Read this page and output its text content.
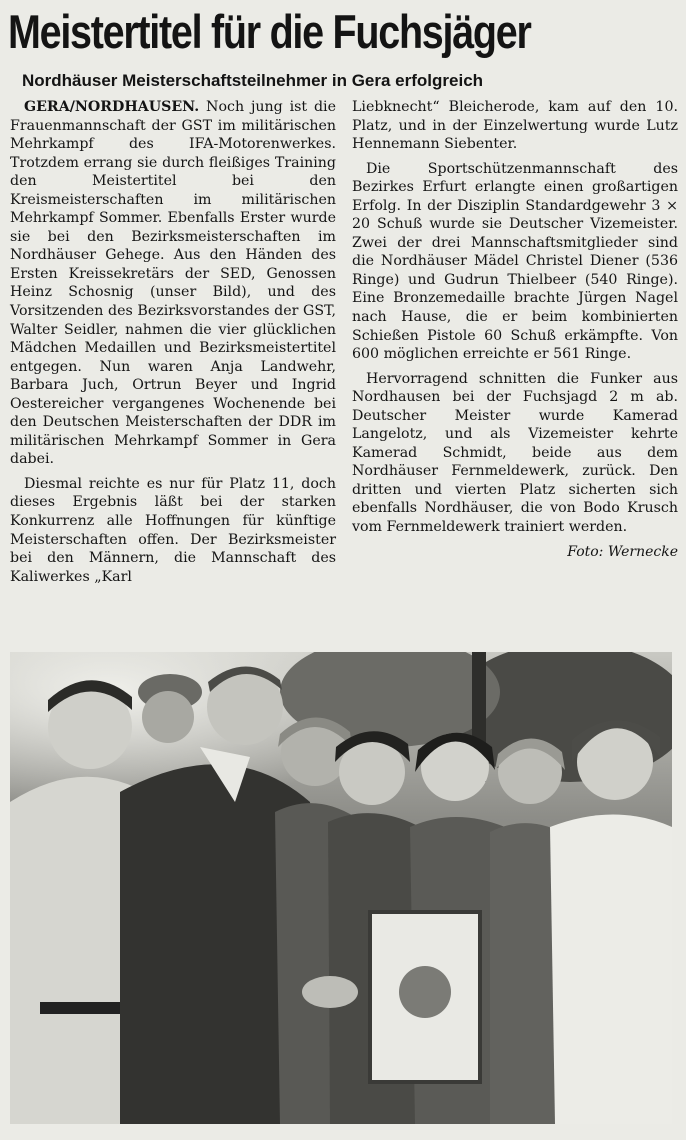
Meistertitel für die Fuchsjäger
Nordhäuser Meisterschaftsteilnehmer in Gera erfolgreich

GERA/NORDHAUSEN. Noch jung ist die Frauenmannschaft der GST im militärischen Mehrkampf des IFA-Motorenwerkes. Trotzdem errang sie durch fleißiges Training den Meistertitel bei den Kreismeisterschaften im militärischen Mehrkampf Sommer. Ebenfalls Erster wurde sie bei den Bezirksmeisterschaften im Nordhäuser Gehege. Aus den Händen des Ersten Kreissekretärs der SED, Genossen Heinz Schosnig (unser Bild), und des Vorsitzenden des Bezirksvorstandes der GST, Walter Seidler, nahmen die vier glücklichen Mädchen Medaillen und Bezirksmeistertitel entgegen. Nun waren Anja Landwehr, Barbara Juch, Ortrun Beyer und Ingrid Oestereicher vergangenes Wochenende bei den Deutschen Meisterschaften der DDR im militärischen Mehrkampf Sommer in Gera dabei.

Diesmal reichte es nur für Platz 11, doch dieses Ergebnis läßt bei der starken Konkurrenz alle Hoffnungen für künftige Meisterschaften offen. Der Bezirksmeister bei den Männern, die Mannschaft des Kaliwerkes „Karl

Liebknecht“ Bleicherode, kam auf den 10. Platz, und in der Einzelwertung wurde Lutz Hennemann Siebenter.

Die Sportschützenmannschaft des Bezirkes Erfurt erlangte einen großartigen Erfolg. In der Disziplin Standardgewehr 3 × 20 Schuß wurde sie Deutscher Vizemeister. Zwei der drei Mannschaftsmitglieder sind die Nordhäuser Mädel Christel Diener (536 Ringe) und Gudrun Thielbeer (540 Ringe). Eine Bronzemedaille brachte Jürgen Nagel nach Hause, die er beim kombinierten Schießen Pistole 60 Schuß erkämpfte. Von 600 möglichen erreichte er 561 Ringe.

Hervorragend schnitten die Funker aus Nordhausen bei der Fuchsjagd 2 m ab. Deutscher Meister wurde Kamerad Langelotz, und als Vizemeister kehrte Kamerad Schmidt, beide aus dem Nordhäuser Fernmeldewerk, zurück. Den dritten und vierten Platz sicherten sich ebenfalls Nordhäuser, die von Bodo Krusch vom Fernmeldewerk trainiert werden.

Foto: Wernecke
